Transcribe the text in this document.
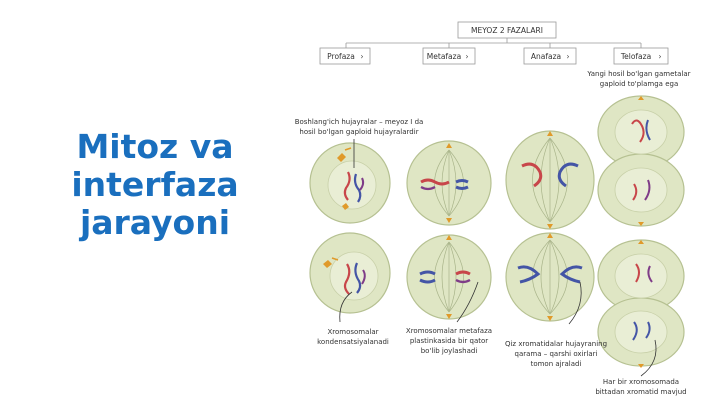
Mitoz va
interfaza
jarayoni
MEYOZ 2 FAZALARI
Profaza ›	Metafaza ›	Anafaza ›	Telofaza ›
Yangi hosil bo'lgan gametalar
gaploid to'plamga ega
Boshlang'ich hujayralar – meyoz I da
hosil bo'lgan gaploid hujayralardir
Xromosomalar
kondensatsiyalanadi
Xromosomalar metafaza
plastinkasida bir qator
bo'lib joylashadi
Qiz xromatidalar hujayraning
qarama – qarshi oxirlari
tomon ajraladi
Har bir xromosomada
bittadan xromatid mavjud
